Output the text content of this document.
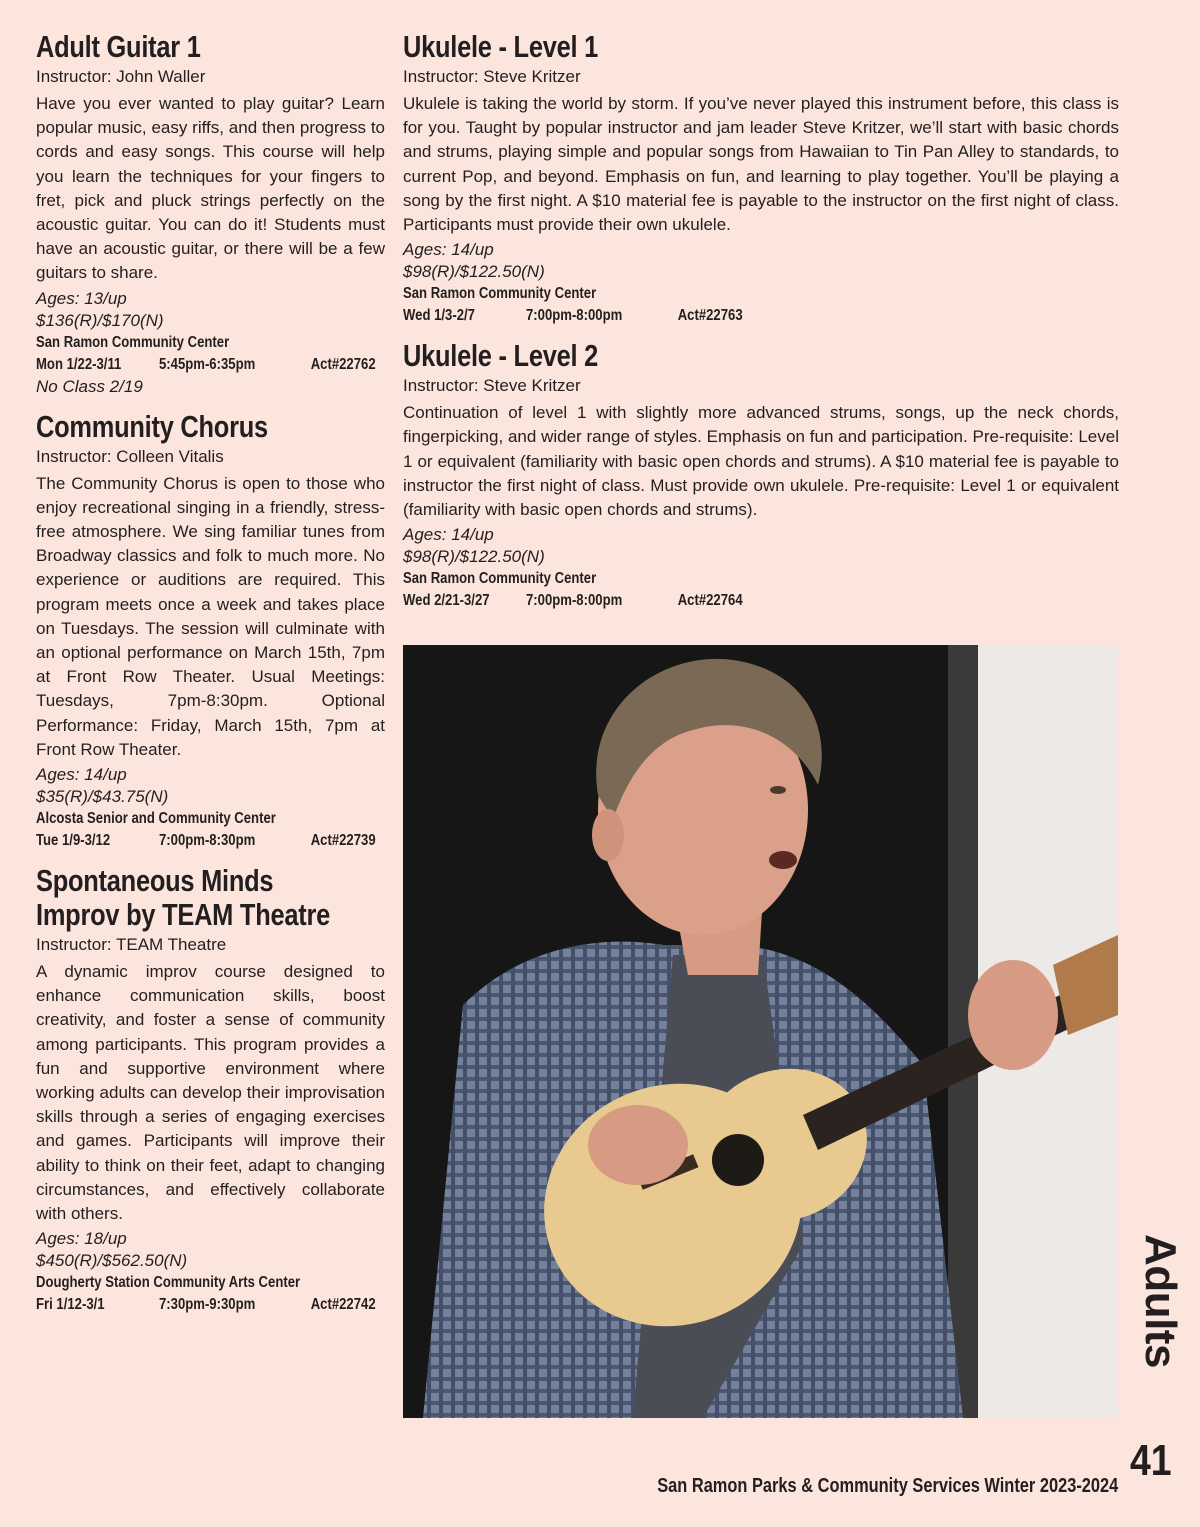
Adult Guitar 1
Instructor: John Waller
Have you ever wanted to play guitar? Learn popular music, easy riffs, and then progress to cords and easy songs. This course will help you learn the techniques for your fingers to fret, pick and pluck strings perfectly on the acoustic guitar. You can do it! Students must have an acoustic guitar, or there will be a few guitars to share.
Ages: 13/up
$136(R)/$170(N)
San Ramon Community Center
Mon 1/22-3/11 5:45pm-6:35pm	Act#22762
No Class 2/19
Community Chorus
Instructor: Colleen Vitalis
The Community Chorus is open to those who enjoy recreational singing in a friendly, stress-free atmosphere. We sing familiar tunes from Broadway classics and folk to much more. No experience or auditions are required. This program meets once a week and takes place on Tuesdays. The session will culminate with an optional performance on March 15th, 7pm at Front Row Theater. Usual Meetings: Tuesdays, 7pm-8:30pm. Optional Performance: Friday, March 15th, 7pm at Front Row Theater.
Ages: 14/up
$35(R)/$43.75(N)
Alcosta Senior and Community Center
Tue 1/9-3/12	7:00pm-8:30pm	Act#22739
Spontaneous Minds
Improv by TEAM Theatre
Instructor: TEAM Theatre
A dynamic improv course designed to enhance communication skills, boost creativity, and foster a sense of community among participants. This program provides a fun and supportive environment where working adults can develop their improvisation skills through a series of engaging exercises and games. Participants will improve their ability to think on their feet, adapt to changing circumstances, and effectively collaborate with others.
Ages: 18/up
$450(R)/$562.50(N)
Dougherty Station Community Arts Center
Fri 1/12-3/1	7:30pm-9:30pm	Act#22742
Ukulele - Level 1
Instructor: Steve Kritzer
Ukulele is taking the world by storm. If you’ve never played this instrument before, this class is for you. Taught by popular instructor and jam leader Steve Kritzer, we’ll start with basic chords and strums, playing simple and popular songs from Hawaiian to Tin Pan Alley to standards, to current Pop, and beyond. Emphasis on fun, and learning to play together. You’ll be playing a song by the first night. A $10 material fee is payable to the instructor on the first night of class. Participants must provide their own ukulele.
Ages: 14/up
$98(R)/$122.50(N)
San Ramon Community Center
Wed 1/3-2/7	7:00pm-8:00pm	Act#22763
Ukulele - Level 2
Instructor: Steve Kritzer
Continuation of level 1 with slightly more advanced strums, songs, up the neck chords, fingerpicking, and wider range of styles. Emphasis on fun and participation. Pre-requisite: Level 1 or equivalent (familiarity with basic open chords and strums). A $10 material fee is payable to instructor the first night of class. Must provide own ukulele. Pre-requisite: Level 1 or equivalent (familiarity with basic open chords and strums).
Ages: 14/up
$98(R)/$122.50(N)
San Ramon Community Center
Wed 2/21-3/27 7:00pm-8:00pm	Act#22764
Adults
41
San Ramon Parks & Community Services Winter 2023-2024
